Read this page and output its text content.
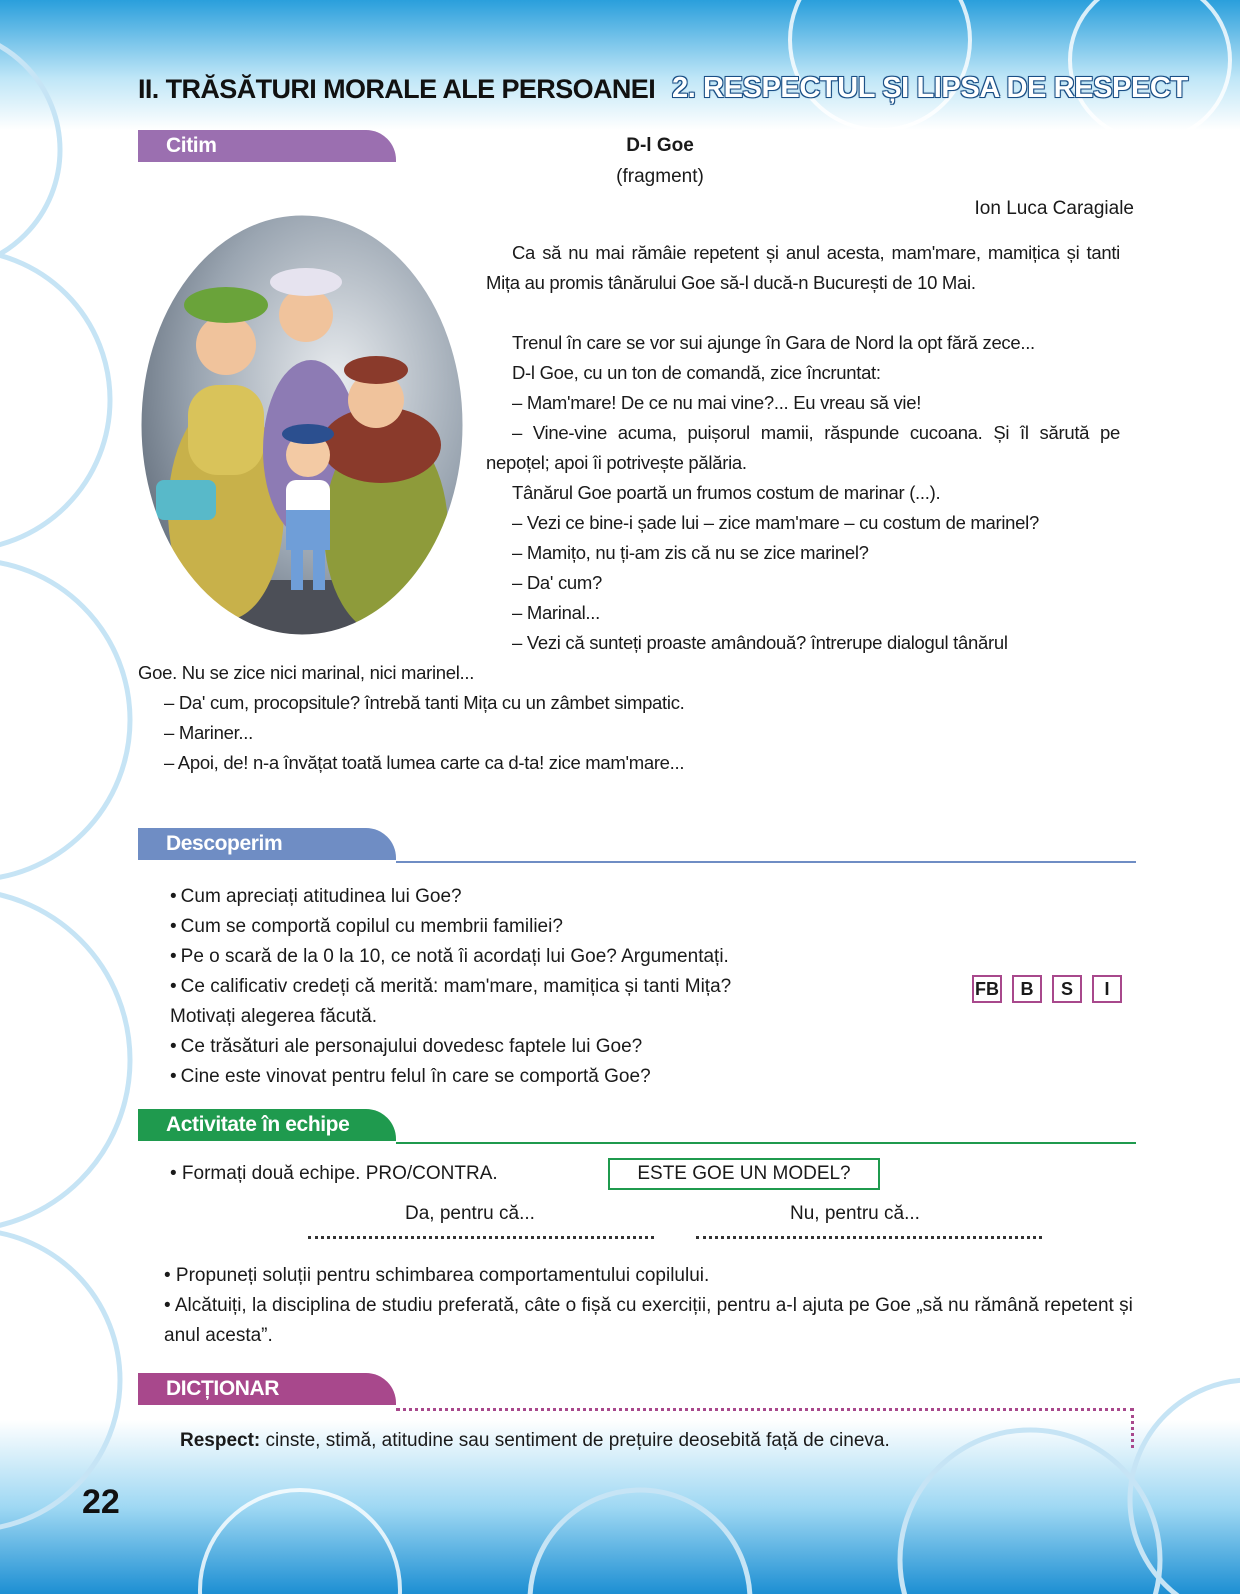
II. TRĂSĂTURI MORALE ALE PERSOANEI 2. RESPECTUL ȘI LIPSA DE RESPECT
Citim	D-l Goe
(fragment)
Ion Luca Caragiale
Ca să nu mai rămâie repetent și anul acesta, mam'mare, mamițica și tanti Mița au promis tânărului Goe să-l ducă-n București de 10 Mai.
Trenul în care se vor sui ajunge în Gara de Nord la opt fără zece...
D-l Goe, cu un ton de comandă, zice încruntat:
– Mam'mare! De ce nu mai vine?... Eu vreau să vie!
– Vine-vine acuma, puișorul mamii, răspunde cucoana. Și îl sărută pe nepoțel; apoi îi potrivește pălăria.
Tânărul Goe poartă un frumos costum de marinar (...).
– Vezi ce bine-i șade lui – zice mam'mare – cu costum de marinel?
– Mamițo, nu ți-am zis că nu se zice marinel?
– Da' cum?
– Marinal...
– Vezi că sunteți proaste amândouă? întrerupe dialogul tânărul
Goe. Nu se zice nici marinal, nici marinel...
– Da' cum, procopsitule? întrebă tanti Mița cu un zâmbet simpatic.
– Mariner...
– Apoi, de! n-a învățat toată lumea carte ca d-ta! zice mam'mare...
Descoperim
• Cum apreciați atitudinea lui Goe?
• Cum se comportă copilul cu membrii familiei?
• Pe o scară de la 0 la 10, ce notă îi acordați lui Goe? Argumentați.
• Ce calificativ credeți că merită: mam'mare, mamițica și tanti Mița?
Motivați alegerea făcută.
• Ce trăsături ale personajului dovedesc faptele lui Goe?
• Cine este vinovat pentru felul în care se comportă Goe?
FB	B	S	I
Activitate în echipe
• Formați două echipe. PRO/CONTRA.	ESTE GOE UN MODEL?
Da, pentru că...	Nu, pentru că...
• Propuneți soluții pentru schimbarea comportamentului copilului.
• Alcătuiți, la disciplina de studiu preferată, câte o fișă cu exerciții, pentru a-l ajuta pe Goe „să nu rămână repetent și anul acesta”.
DICȚIONAR
Respect: cinste, stimă, atitudine sau sentiment de prețuire deosebită față de cineva.
22
